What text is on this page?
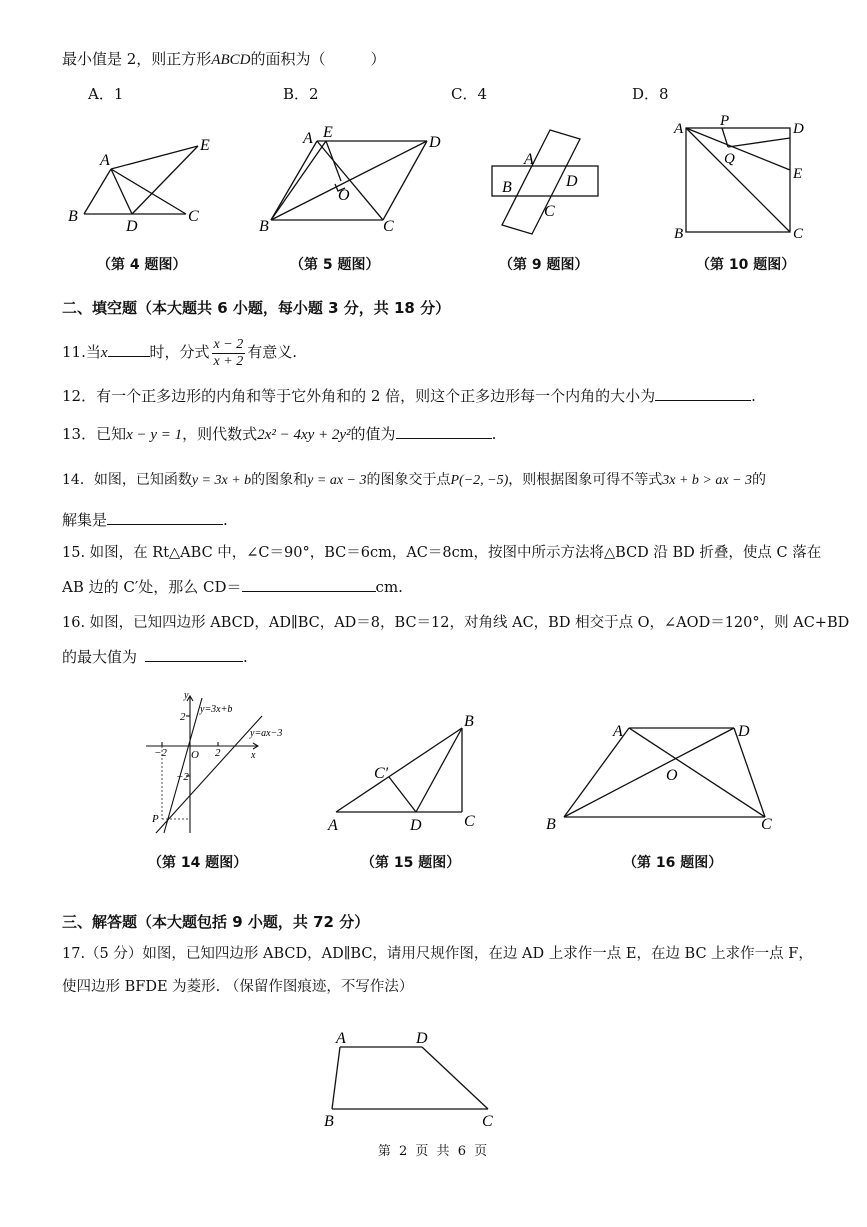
最小值是 2，则正方形ABCD的面积为（　　　）
A．1	B．2	C．4	D．8
A
E
B
D
C
（第 4 题图）
A E
D
O
B	C
（第 5 题图）
A
B	D
C
（第 9 题图）
A P	D
Q
E
B	C
（第 10 题图）
二、填空题（本大题共 6 小题，每小题 3 分，共 18 分）
11.当x	时，分式 $\frac{x - 2}{x + 2}$ 有意义.
12．有一个正多边形的内角和等于它外角和的 2 倍，则这个正多边形每一个内角的大小为	.
13．已知x − y = 1，则代数式2x² − 4xy + 2y²的值为	.
14．如图，已知函数y = 3x + b的图象和y = ax − 3的图象交于点P(−2, −5)，则根据图象可得不等式3x + b > ax − 3的
解集是	.
15. 如图，在 Rt△ABC 中，∠C＝90°，BC＝6cm，AC＝8cm，按图中所示方法将△BCD 沿 BD 折叠，使点 C 落在
AB 边的 C′处，那么 CD＝	cm.
16. 如图，已知四边形 ABCD，AD∥BC，AD＝8，BC＝12，对角线 AC，BD 相交于点 O，∠AOD＝120°，则 AC+BD
的最大值为	.
y
x
O
2
−2	2
−2
P
y=3x+b
y=ax−3
（第 14 题图）
A
B
C
D
C′
（第 15 题图）
A	D
O
B	C
（第 16 题图）
三、解答题（本大题包括 9 小题，共 72 分）
17.（5 分）如图，已知四边形 ABCD，AD∥BC，请用尺规作图，在边 AD 上求作一点 E，在边 BC 上求作一点 F，
使四边形 BFDE 为菱形. （保留作图痕迹，不写作法）
A	D
B	C
第 2 页 共 6 页
